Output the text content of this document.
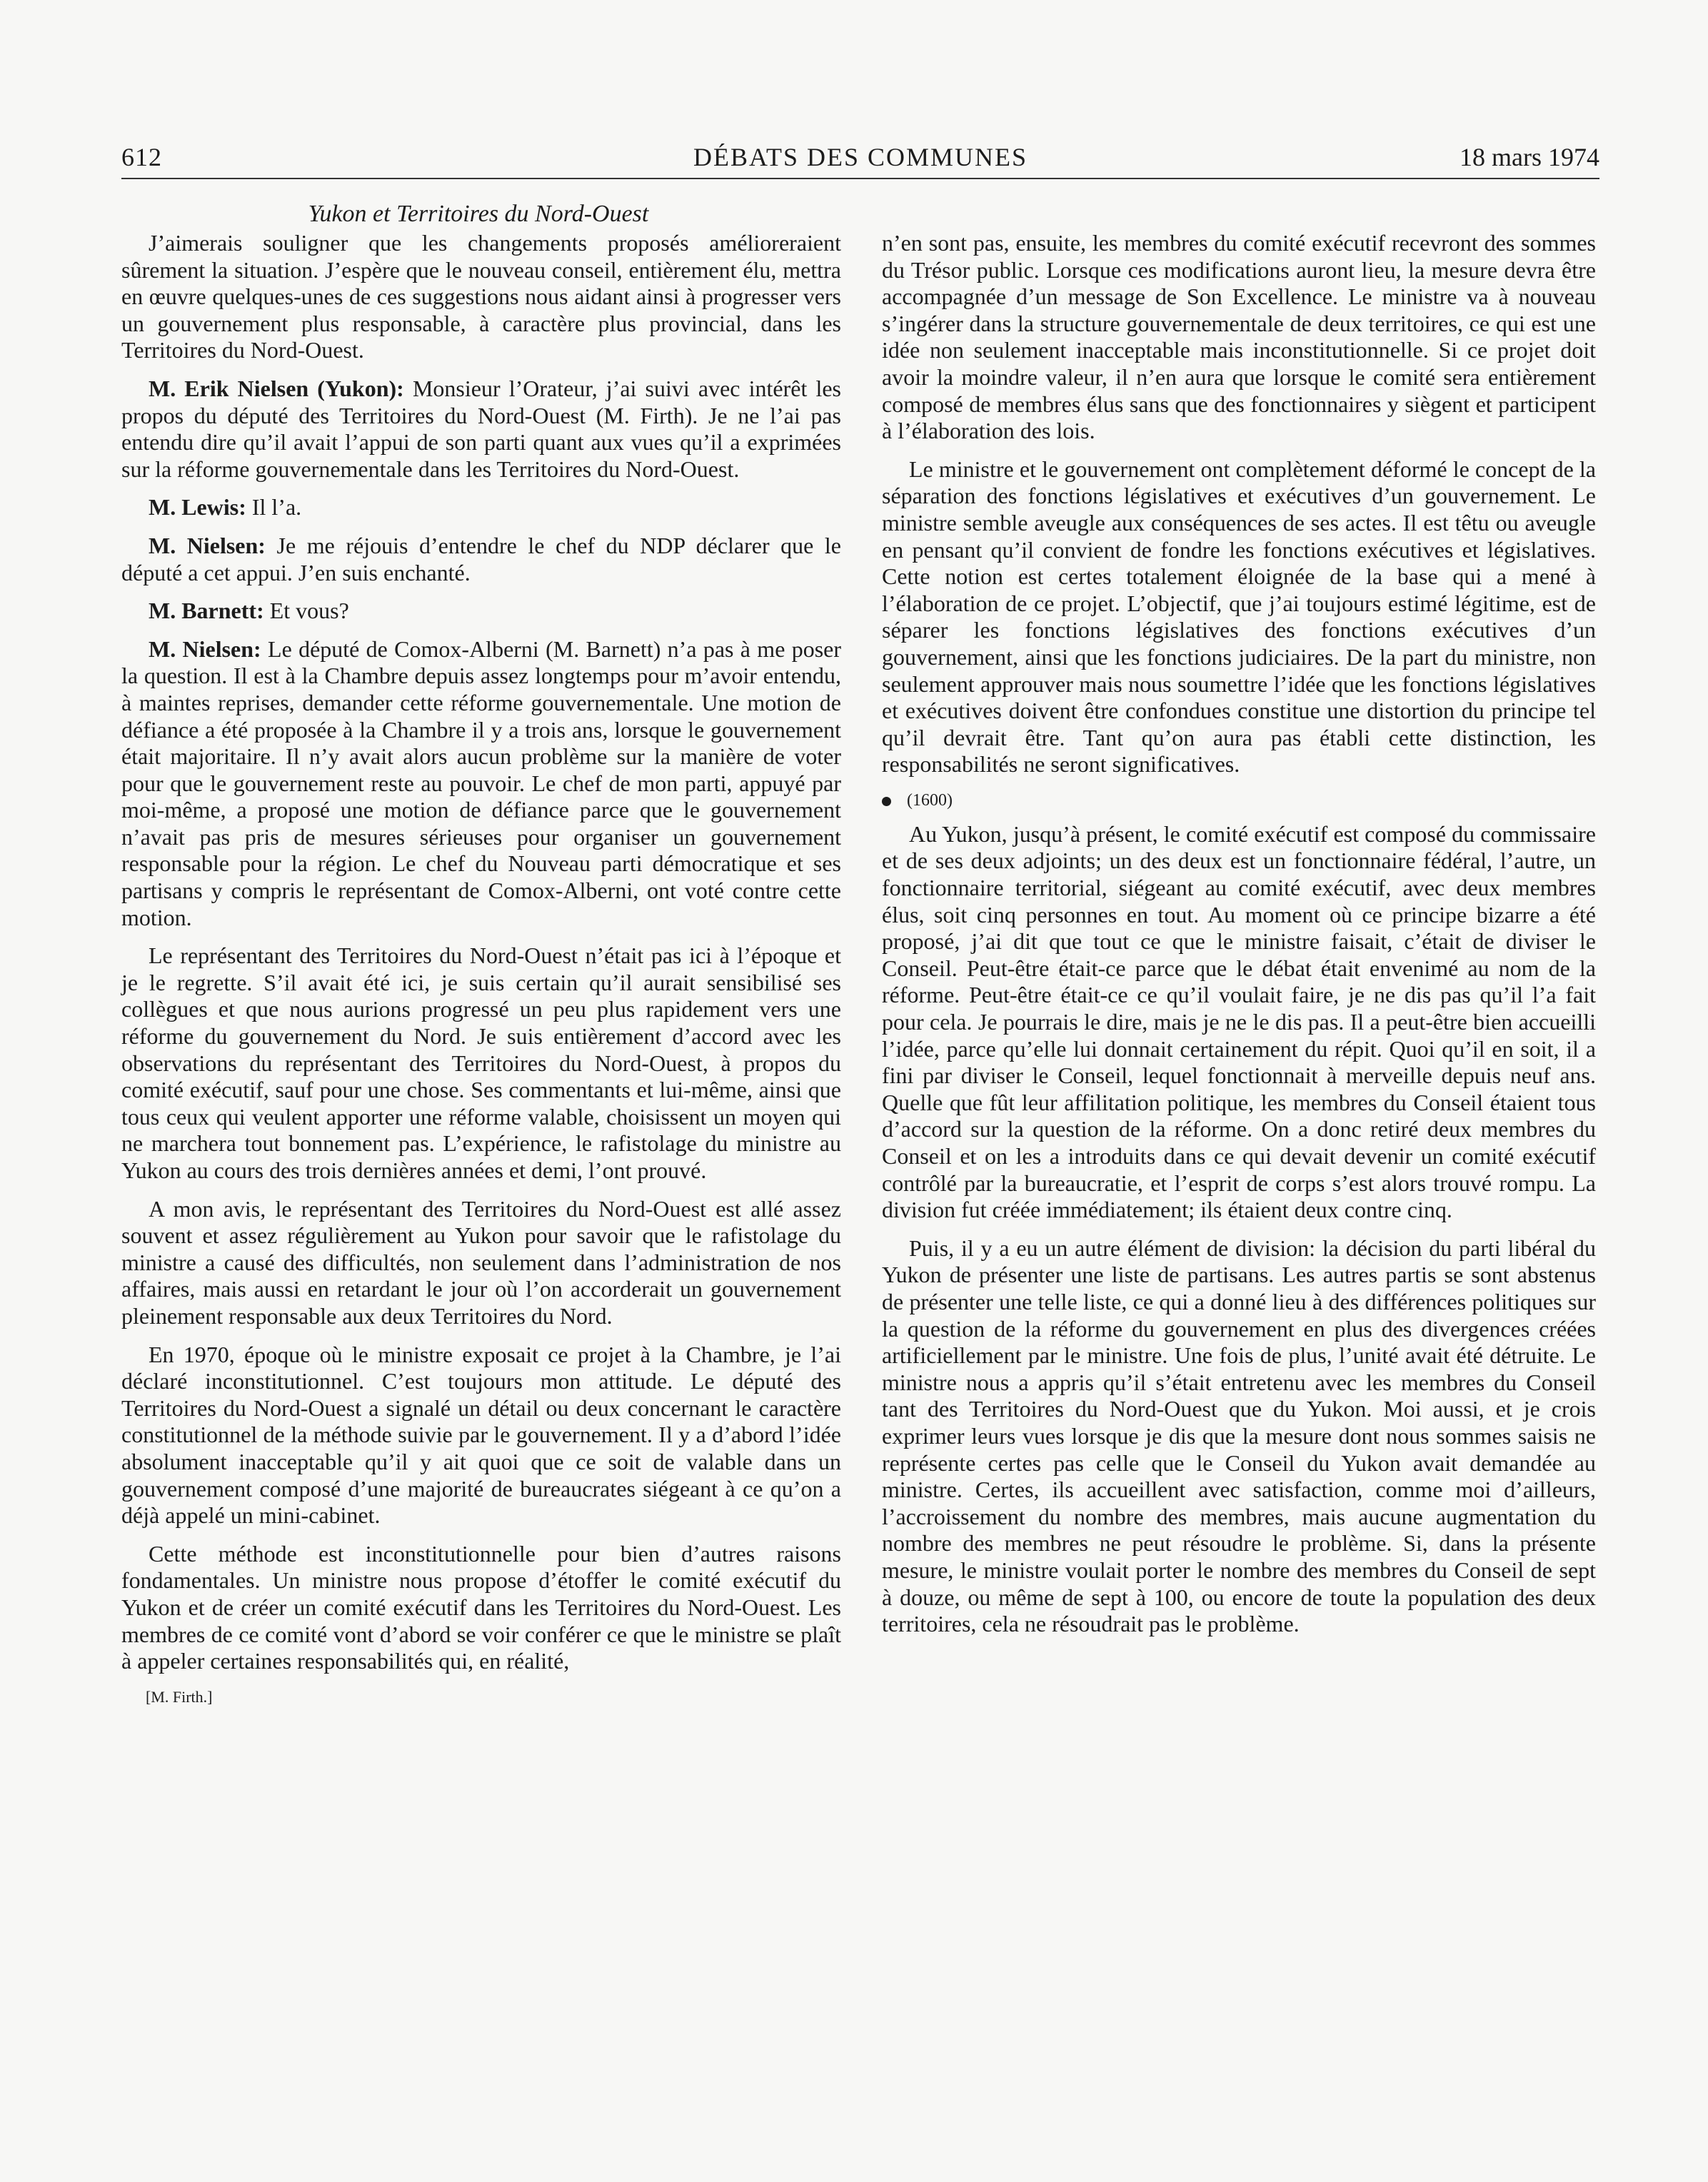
612	DÉBATS DES COMMUNES	18 mars 1974
Yukon et Territoires du Nord-Ouest

J’aimerais souligner que les changements proposés amélioreraient sûrement la situation. J’espère que le nouveau conseil, entièrement élu, mettra en œuvre quelques-unes de ces suggestions nous aidant ainsi à progresser vers un gouvernement plus responsable, à caractère plus provincial, dans les Territoires du Nord-Ouest.

M. Erik Nielsen (Yukon): Monsieur l’Orateur, j’ai suivi avec intérêt les propos du député des Territoires du Nord-Ouest (M. Firth). Je ne l’ai pas entendu dire qu’il avait l’appui de son parti quant aux vues qu’il a exprimées sur la réforme gouvernementale dans les Territoires du Nord-Ouest.

M. Lewis: Il l’a.

M. Nielsen: Je me réjouis d’entendre le chef du NDP déclarer que le député a cet appui. J’en suis enchanté.

M. Barnett: Et vous?

M. Nielsen: Le député de Comox-Alberni (M. Barnett) n’a pas à me poser la question. Il est à la Chambre depuis assez longtemps pour m’avoir entendu, à maintes reprises, demander cette réforme gouvernementale. Une motion de défiance a été proposée à la Chambre il y a trois ans, lorsque le gouvernement était majoritaire. Il n’y avait alors aucun problème sur la manière de voter pour que le gouvernement reste au pouvoir. Le chef de mon parti, appuyé par moi-même, a proposé une motion de défiance parce que le gouvernement n’avait pas pris de mesures sérieuses pour organiser un gouvernement responsable pour la région. Le chef du Nouveau parti démocratique et ses partisans y compris le représentant de Comox-Alberni, ont voté contre cette motion.

Le représentant des Territoires du Nord-Ouest n’était pas ici à l’époque et je le regrette. S’il avait été ici, je suis certain qu’il aurait sensibilisé ses collègues et que nous aurions progressé un peu plus rapidement vers une réforme du gouvernement du Nord. Je suis entièrement d’accord avec les observations du représentant des Territoires du Nord-Ouest, à propos du comité exécutif, sauf pour une chose. Ses commentants et lui-même, ainsi que tous ceux qui veulent apporter une réforme valable, choisissent un moyen qui ne marchera tout bonnement pas. L’expérience, le rafistolage du ministre au Yukon au cours des trois dernières années et demi, l’ont prouvé.

A mon avis, le représentant des Territoires du Nord-Ouest est allé assez souvent et assez régulièrement au Yukon pour savoir que le rafistolage du ministre a causé des difficultés, non seulement dans l’administration de nos affaires, mais aussi en retardant le jour où l’on accorderait un gouvernement pleinement responsable aux deux Territoires du Nord.

En 1970, époque où le ministre exposait ce projet à la Chambre, je l’ai déclaré inconstitutionnel. C’est toujours mon attitude. Le député des Territoires du Nord-Ouest a signalé un détail ou deux concernant le caractère constitutionnel de la méthode suivie par le gouvernement. Il y a d’abord l’idée absolument inacceptable qu’il y ait quoi que ce soit de valable dans un gouvernement composé d’une majorité de bureaucrates siégeant à ce qu’on a déjà appelé un mini-cabinet.

Cette méthode est inconstitutionnelle pour bien d’autres raisons fondamentales. Un ministre nous propose d’étoffer le comité exécutif du Yukon et de créer un comité exécutif dans les Territoires du Nord-Ouest. Les membres de ce comité vont d’abord se voir conférer ce que le ministre se plaît à appeler certaines responsabilités qui, en réalité,

[M. Firth.]

n’en sont pas, ensuite, les membres du comité exécutif recevront des sommes du Trésor public. Lorsque ces modifications auront lieu, la mesure devra être accompagnée d’un message de Son Excellence. Le ministre va à nouveau s’ingérer dans la structure gouvernementale de deux territoires, ce qui est une idée non seulement inacceptable mais inconstitutionnelle. Si ce projet doit avoir la moindre valeur, il n’en aura que lorsque le comité sera entièrement composé de membres élus sans que des fonctionnaires y siègent et participent à l’élaboration des lois.

Le ministre et le gouvernement ont complètement déformé le concept de la séparation des fonctions législatives et exécutives d’un gouvernement. Le ministre semble aveugle aux conséquences de ses actes. Il est têtu ou aveugle en pensant qu’il convient de fondre les fonctions exécutives et législatives. Cette notion est certes totalement éloignée de la base qui a mené à l’élaboration de ce projet. L’objectif, que j’ai toujours estimé légitime, est de séparer les fonctions législatives des fonctions exécutives d’un gouvernement, ainsi que les fonctions judiciaires. De la part du ministre, non seulement approuver mais nous soumettre l’idée que les fonctions législatives et exécutives doivent être confondues constitue une distortion du principe tel qu’il devrait être. Tant qu’on aura pas établi cette distinction, les responsabilités ne seront significatives.

(1600)

Au Yukon, jusqu’à présent, le comité exécutif est composé du commissaire et de ses deux adjoints; un des deux est un fonctionnaire fédéral, l’autre, un fonctionnaire territorial, siégeant au comité exécutif, avec deux membres élus, soit cinq personnes en tout. Au moment où ce principe bizarre a été proposé, j’ai dit que tout ce que le ministre faisait, c’était de diviser le Conseil. Peut-être était-ce parce que le débat était envenimé au nom de la réforme. Peut-être était-ce ce qu’il voulait faire, je ne dis pas qu’il l’a fait pour cela. Je pourrais le dire, mais je ne le dis pas. Il a peut-être bien accueilli l’idée, parce qu’elle lui donnait certainement du répit. Quoi qu’il en soit, il a fini par diviser le Conseil, lequel fonctionnait à merveille depuis neuf ans. Quelle que fût leur affilitation politique, les membres du Conseil étaient tous d’accord sur la question de la réforme. On a donc retiré deux membres du Conseil et on les a introduits dans ce qui devait devenir un comité exécutif contrôlé par la bureaucratie, et l’esprit de corps s’est alors trouvé rompu. La division fut créée immédiatement; ils étaient deux contre cinq.

Puis, il y a eu un autre élément de division: la décision du parti libéral du Yukon de présenter une liste de partisans. Les autres partis se sont abstenus de présenter une telle liste, ce qui a donné lieu à des différences politiques sur la question de la réforme du gouvernement en plus des divergences créées artificiellement par le ministre. Une fois de plus, l’unité avait été détruite. Le ministre nous a appris qu’il s’était entretenu avec les membres du Conseil tant des Territoires du Nord-Ouest que du Yukon. Moi aussi, et je crois exprimer leurs vues lorsque je dis que la mesure dont nous sommes saisis ne représente certes pas celle que le Conseil du Yukon avait demandée au ministre. Certes, ils accueillent avec satisfaction, comme moi d’ailleurs, l’accroissement du nombre des membres, mais aucune augmentation du nombre des membres ne peut résoudre le problème. Si, dans la présente mesure, le ministre voulait porter le nombre des membres du Conseil de sept à douze, ou même de sept à 100, ou encore de toute la population des deux territoires, cela ne résoudrait pas le problème.
